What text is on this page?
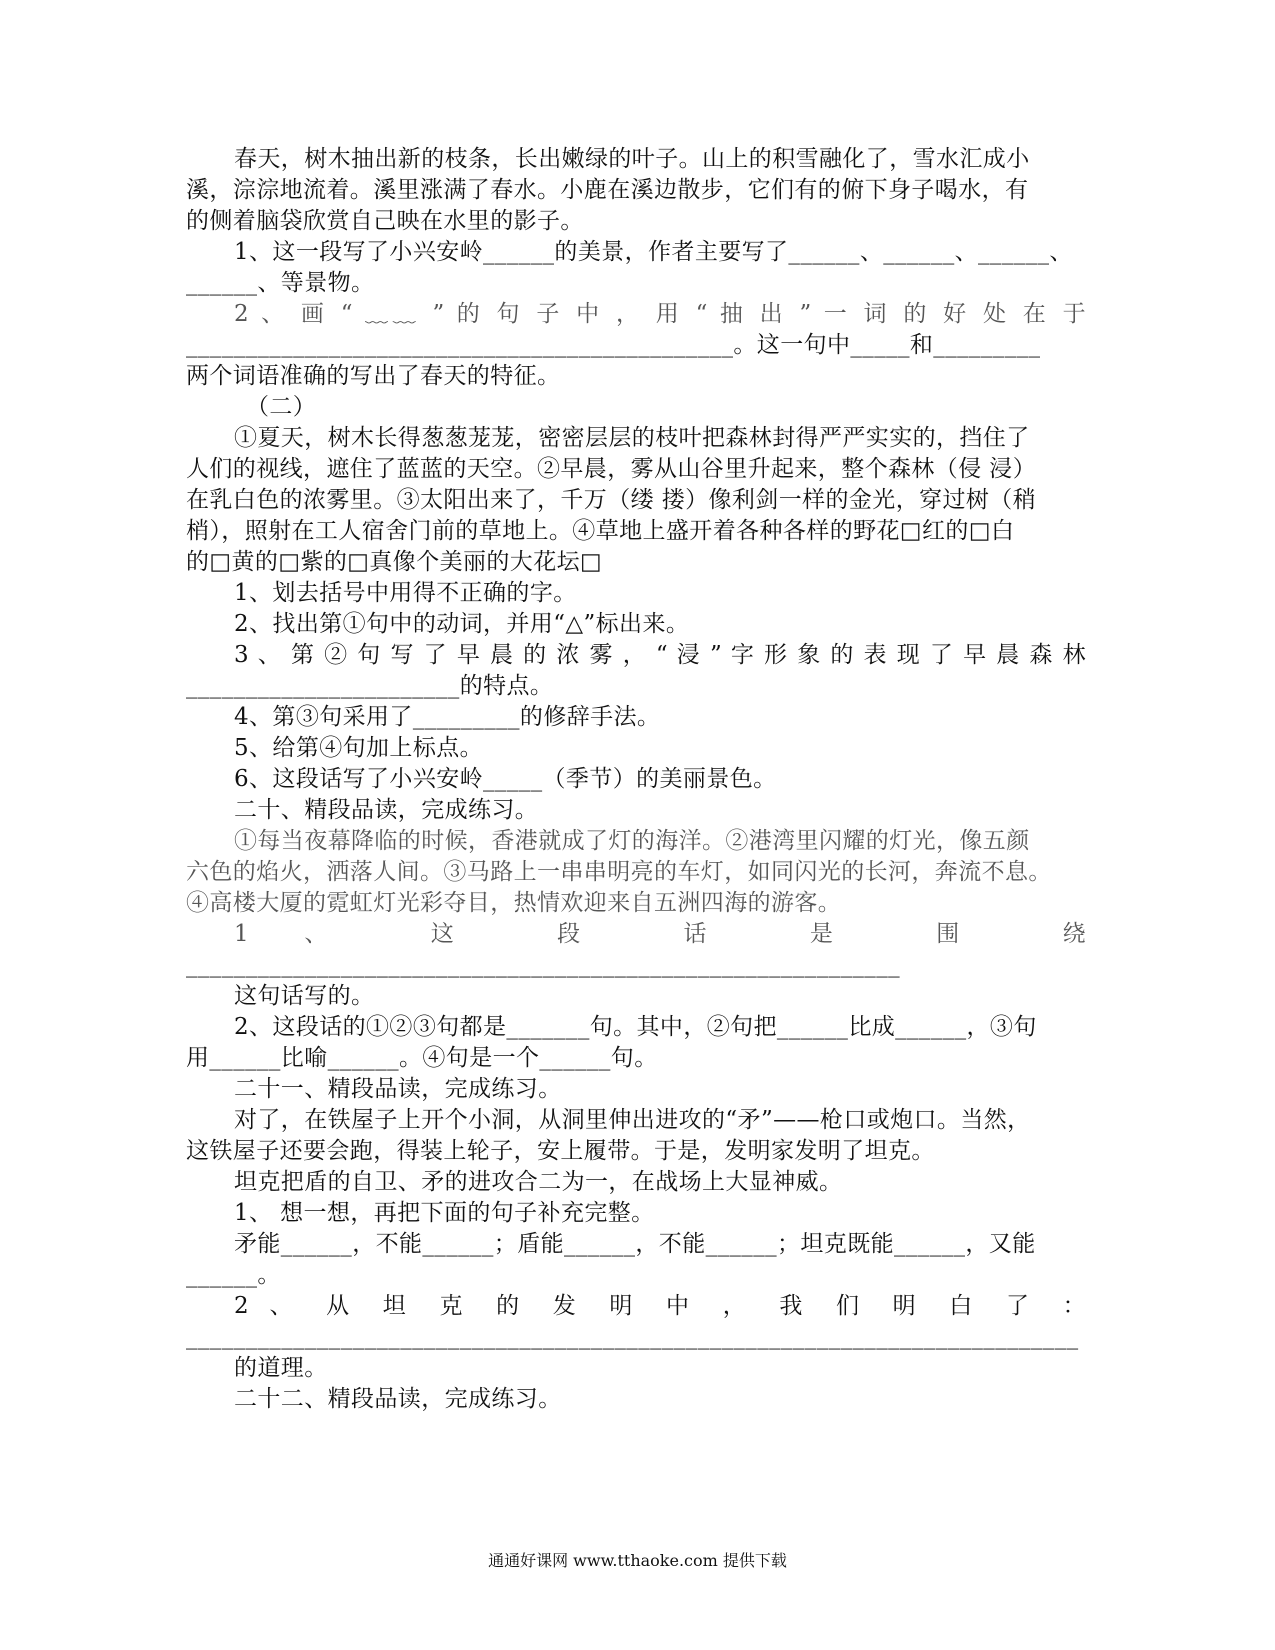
春天，树木抽出新的枝条，长出嫩绿的叶子。山上的积雪融化了，雪水汇成小
溪，淙淙地流着。溪里涨满了春水。小鹿在溪边散步，它们有的俯下身子喝水，有
的侧着脑袋欣赏自己映在水里的影子。
1、这一段写了小兴安岭______的美景，作者主要写了______、______、______、
______、等景物。
2 、 画 “ ﹏﹏ ” 的 句 子 中 ， 用 “ 抽 出 ” 一 词 的 好 处 在 于
______________________________________________。这一句中_____和_________
两个词语准确的写出了春天的特征。
（二）
①夏天，树木长得葱葱茏茏，密密层层的枝叶把森林封得严严实实的，挡住了
人们的视线，遮住了蓝蓝的天空。②早晨，雾从山谷里升起来，整个森林（侵 浸）
在乳白色的浓雾里。③太阳出来了，千万（缕 搂）像利剑一样的金光，穿过树（稍
梢），照射在工人宿舍门前的草地上。④草地上盛开着各种各样的野花□红的□白
的□黄的□紫的□真像个美丽的大花坛□
1、划去括号中用得不正确的字。
2、找出第①句中的动词，并用“△”标出来。
3 、 第 ② 句 写 了 早 晨 的 浓 雾 ， “ 浸 ” 字 形 象 的 表 现 了 早 晨 森 林
_______________________的特点。
4、第③句采用了_________的修辞手法。
5、给第④句加上标点。
6、这段话写了小兴安岭_____（季节）的美丽景色。
二十、精段品读，完成练习。
①每当夜幕降临的时候，香港就成了灯的海洋。②港湾里闪耀的灯光，像五颜
六色的焰火，洒落人间。③马路上一串串明亮的车灯，如同闪光的长河，奔流不息。
④高楼大厦的霓虹灯光彩夺目，热情欢迎来自五洲四海的游客。
1 、 这 段 话 是 围 绕
____________________________________________________________
这句话写的。
2、这段话的①②③句都是_______句。其中，②句把______比成______，③句
用______比喻______。④句是一个______句。
二十一、精段品读，完成练习。
对了，在铁屋子上开个小洞，从洞里伸出进攻的“矛”——枪口或炮口。当然，
这铁屋子还要会跑，得装上轮子，安上履带。于是，发明家发明了坦克。
坦克把盾的自卫、矛的进攻合二为一，在战场上大显神威。
1、 想一想，再把下面的句子补充完整。
矛能______，不能______；盾能______，不能______；坦克既能______，又能
______。
2 、 从 坦 克 的 发 明 中 ， 我 们 明 白 了 ：
___________________________________________________________________________
的道理。
二十二、精段品读，完成练习。
通通好课网 www.tthaoke.com 提供下载
